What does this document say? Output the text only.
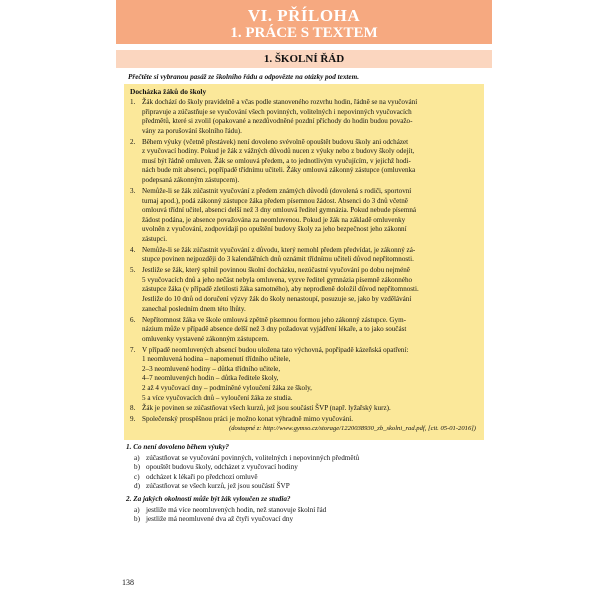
VI. PŘÍLOHA
1. PRÁCE S TEXTEM
1. ŠKOLNÍ ŘÁD
Přečtěte si vybranou pasáž ze školního řádu a odpovězte na otázky pod textem.
Docházka žáků do školy
1. Žák dochází do školy pravidelně a včas podle stanoveného rozvrhu hodin, řádně se na vyučování
připravuje a zúčastňuje se vyučování všech povinných, volitelných i nepovinných vyučovacích
předmětů, které si zvolil (opakované a nezdůvodněné pozdní příchody do hodin budou považo-
vány za porušování školního řádu).
2. Během výuky (včetně přestávek) není dovoleno svévolně opouštět budovu školy ani odcházet
z vyučovací hodiny. Pokud je žák z vážných důvodů nucen z výuky nebo z budovy školy odejít,
musí být řádně omluven. Žák se omlouvá předem, a to jednotlivým vyučujícím, v jejichž hodi-
nách bude mít absenci, popřípadě třídnímu učiteli. Žáky omlouvá zákonný zástupce (omluvenka
podepsaná zákonným zástupcem).
3. Nemůže-li se žák zúčastnit vyučování z předem známých důvodů (dovolená s rodiči, sportovní
turnaj apod.), podá zákonný zástupce žáka předem písemnou žádost. Absenci do 3 dnů včetně
omlouvá třídní učitel, absenci delší než 3 dny omlouvá ředitel gymnázia. Pokud nebude písemná
žádost podána, je absence považována za neomluvenou. Pokud je žák na základě omluvenky
uvolněn z vyučování, zodpovídají po opuštění budovy školy za jeho bezpečnost jeho zákonní
zástupci.
4. Nemůže-li se žák zúčastnit vyučování z důvodu, který nemohl předem předvídat, je zákonný zá-
stupce povinen nejpozději do 3 kalendářních dnů oznámit třídnímu učiteli důvod nepřítomnosti.
5. Jestliže se žák, který splnil povinnou školní docházku, nezúčastní vyučování po dobu nejméně
5 vyučovacích dnů a jeho nečást nebyla omluvena, vyzve ředitel gymnázia písemně zákonného
zástupce žáka (v případě zletilosti žáka samotného), aby neprodleně doložil důvod nepřítomnosti.
Jestliže do 10 dnů od doručení výzvy žák do školy nenastoupí, posuzuje se, jako by vzdělávání
zanechal posledním dnem této lhůty.
6. Nepřítomnost žáka ve škole omlouvá zpětně písemnou formou jeho zákonný zástupce. Gym-
názium může v případě absence delší než 3 dny požadovat vyjádření lékaře, a to jako součást
omluvenky vystavené zákonným zástupcem.
7. V případě neomluvených absencí budou uložena tato výchovná, popřípadě kázeňská opatření:
1 neomluvená hodina – napomenutí třídního učitele,
2–3 neomluvené hodiny – důtka třídního učitele,
4–7 neomluvených hodin – důtka ředitele školy,
2 až 4 vyučovací dny – podmíněné vyloučení žáka ze školy,
5 a více vyučovacích dnů – vyloučení žáka ze studia.
8. Žák je povinen se zúčastňovat všech kurzů, jež jsou součástí ŠVP (např. lyžařský kurz).
9. Společenský prospěšnou práci je možno konat výhradně mimo vyučování.
(dostupné z: http://www.gymso.cz/storage/1220038930_zb_skolni_rad.pdf, [cit. 05-01-2016])
1. Co není dovoleno během výuky?
a) zúčastňovat se vyučování povinných, volitelných i nepovinných předmětů
b) opouštět budovu školy, odcházet z vyučovací hodiny
c) odcházet k lékaři po předchozí omluvě
d) zúčastňovat se všech kurzů, jež jsou součástí ŠVP
2. Za jakých okolností může být žák vyloučen ze studia?
a) jestliže má více neomluvených hodin, než stanovuje školní řád
b) jestliže má neomluvené dva až čtyři vyučovací dny
138
